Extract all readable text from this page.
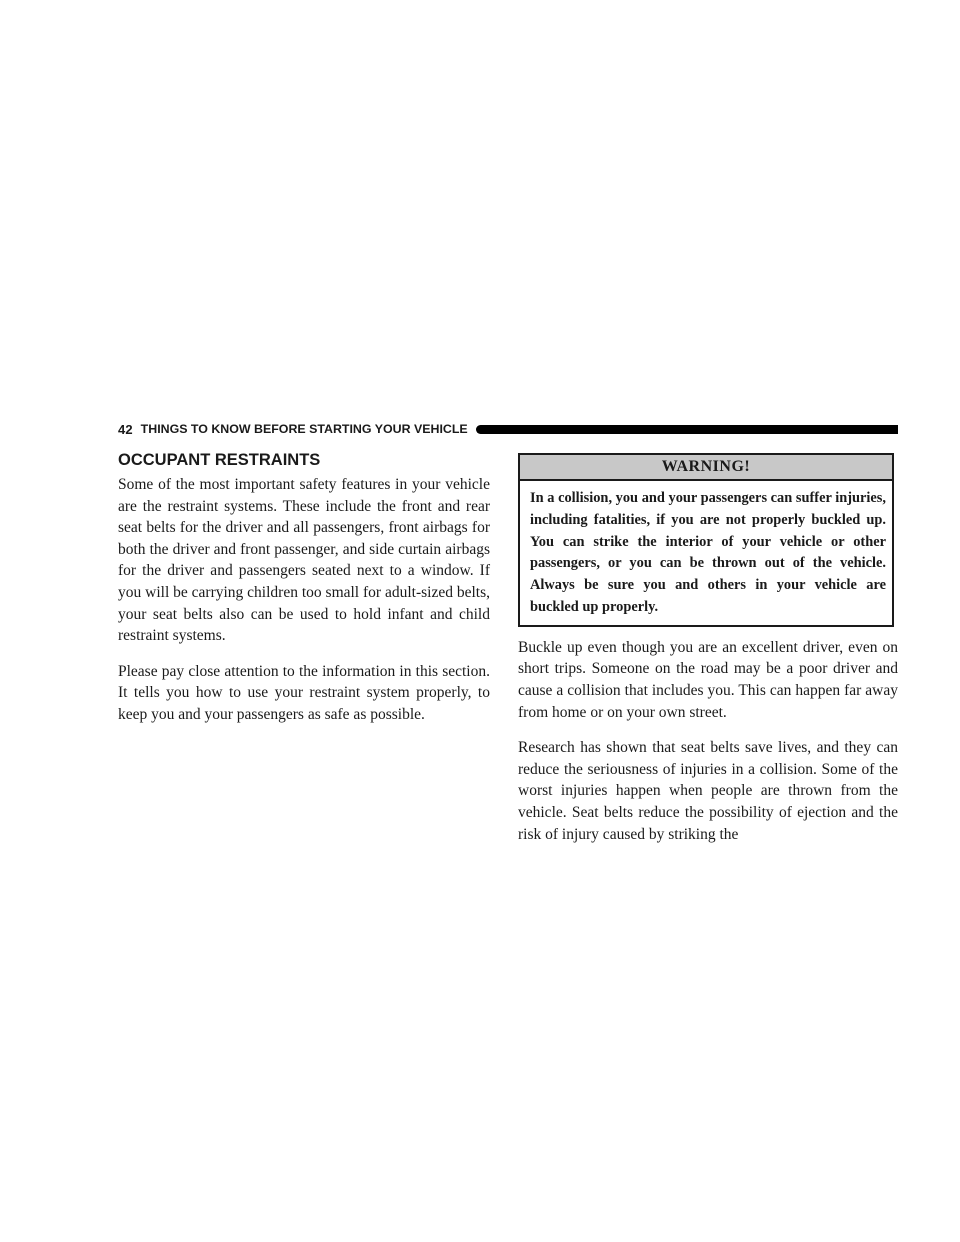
42 THINGS TO KNOW BEFORE STARTING YOUR VEHICLE
OCCUPANT RESTRAINTS

Some of the most important safety features in your vehicle are the restraint systems. These include the front and rear seat belts for the driver and all passengers, front airbags for both the driver and front passenger, and side curtain airbags for the driver and passengers seated next to a window. If you will be carrying children too small for adult-sized belts, your seat belts also can be used to hold infant and child restraint systems.

Please pay close attention to the information in this section. It tells you how to use your restraint system properly, to keep you and your passengers as safe as possible.

WARNING!
In a collision, you and your passengers can suffer injuries, including fatalities, if you are not properly buckled up. You can strike the interior of your vehicle or other passengers, or you can be thrown out of the vehicle. Always be sure you and others in your vehicle are buckled up properly.

Buckle up even though you are an excellent driver, even on short trips. Someone on the road may be a poor driver and cause a collision that includes you. This can happen far away from home or on your own street.

Research has shown that seat belts save lives, and they can reduce the seriousness of injuries in a collision. Some of the worst injuries happen when people are thrown from the vehicle. Seat belts reduce the possibility of ejection and the risk of injury caused by striking the
